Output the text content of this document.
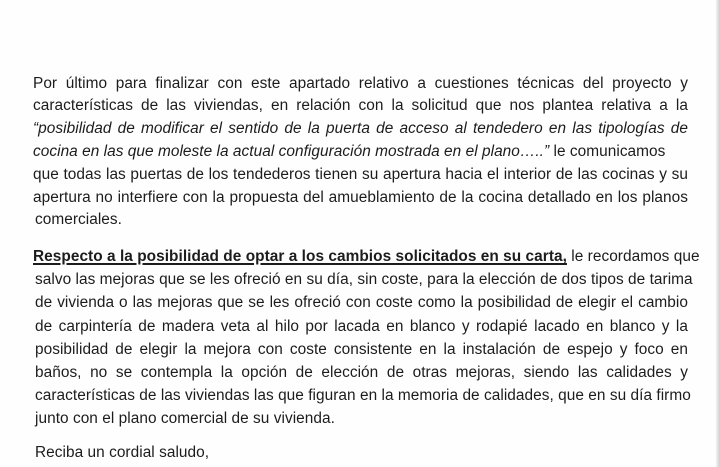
Por último para finalizar con este apartado relativo a cuestiones técnicas del proyecto y
características de las viviendas, en relación con la solicitud que nos plantea relativa a la
“posibilidad de modificar el sentido de la puerta de acceso al tendedero en las tipologías de
cocina en las que moleste la actual configuración mostrada en el plano…..” le comunicamos
que todas las puertas de los tendederos tienen su apertura hacia el interior de las cocinas y su
apertura no interfiere con la propuesta del amueblamiento de la cocina detallado en los planos
comerciales.
Respecto a la posibilidad de optar a los cambios solicitados en su carta, le recordamos que
salvo las mejoras que se les ofreció en su día, sin coste, para la elección de dos tipos de tarima
de vivienda o las mejoras que se les ofreció con coste como la posibilidad de elegir el cambio
de carpintería de madera veta al hilo por lacada en blanco y rodapié lacado en blanco y la
posibilidad de elegir la mejora con coste consistente en la instalación de espejo y foco en
baños, no se contempla la opción de elección de otras mejoras, siendo las calidades y
características de las viviendas las que figuran en la memoria de calidades, que en su día firmo
junto con el plano comercial de su vivienda.
Reciba un cordial saludo,
